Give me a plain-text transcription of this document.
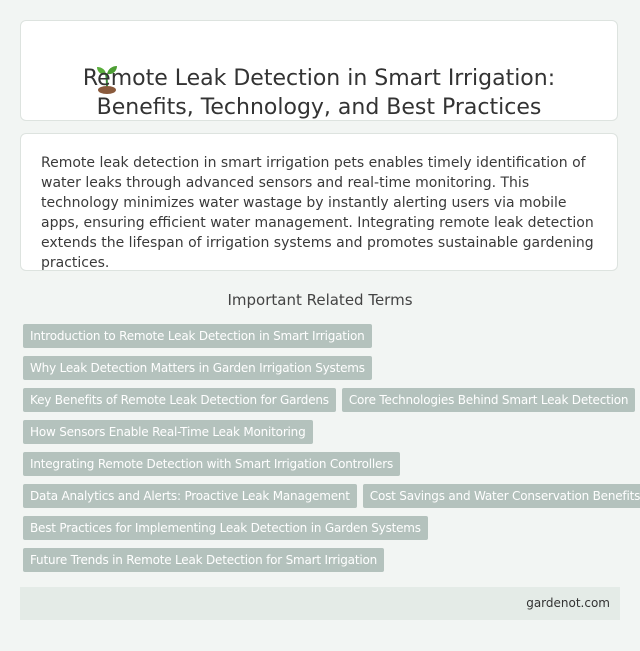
Remote Leak Detection in Smart Irrigation:
Benefits, Technology, and Best Practices
Remote leak detection in smart irrigation pets enables timely identification of water leaks through advanced sensors and real-time monitoring. This technology minimizes water wastage by instantly alerting users via mobile apps, ensuring efficient water management. Integrating remote leak detection extends the lifespan of irrigation systems and promotes sustainable gardening practices.
Important Related Terms
Introduction to Remote Leak Detection in Smart Irrigation
Why Leak Detection Matters in Garden Irrigation Systems
Key Benefits of Remote Leak Detection for Gardens Core Technologies Behind Smart Leak Detection
How Sensors Enable Real-Time Leak Monitoring
Integrating Remote Detection with Smart Irrigation Controllers
Data Analytics and Alerts: Proactive Leak Management Cost Savings and Water Conservation Benefits
Best Practices for Implementing Leak Detection in Garden Systems
Future Trends in Remote Leak Detection for Smart Irrigation
gardenot.com
